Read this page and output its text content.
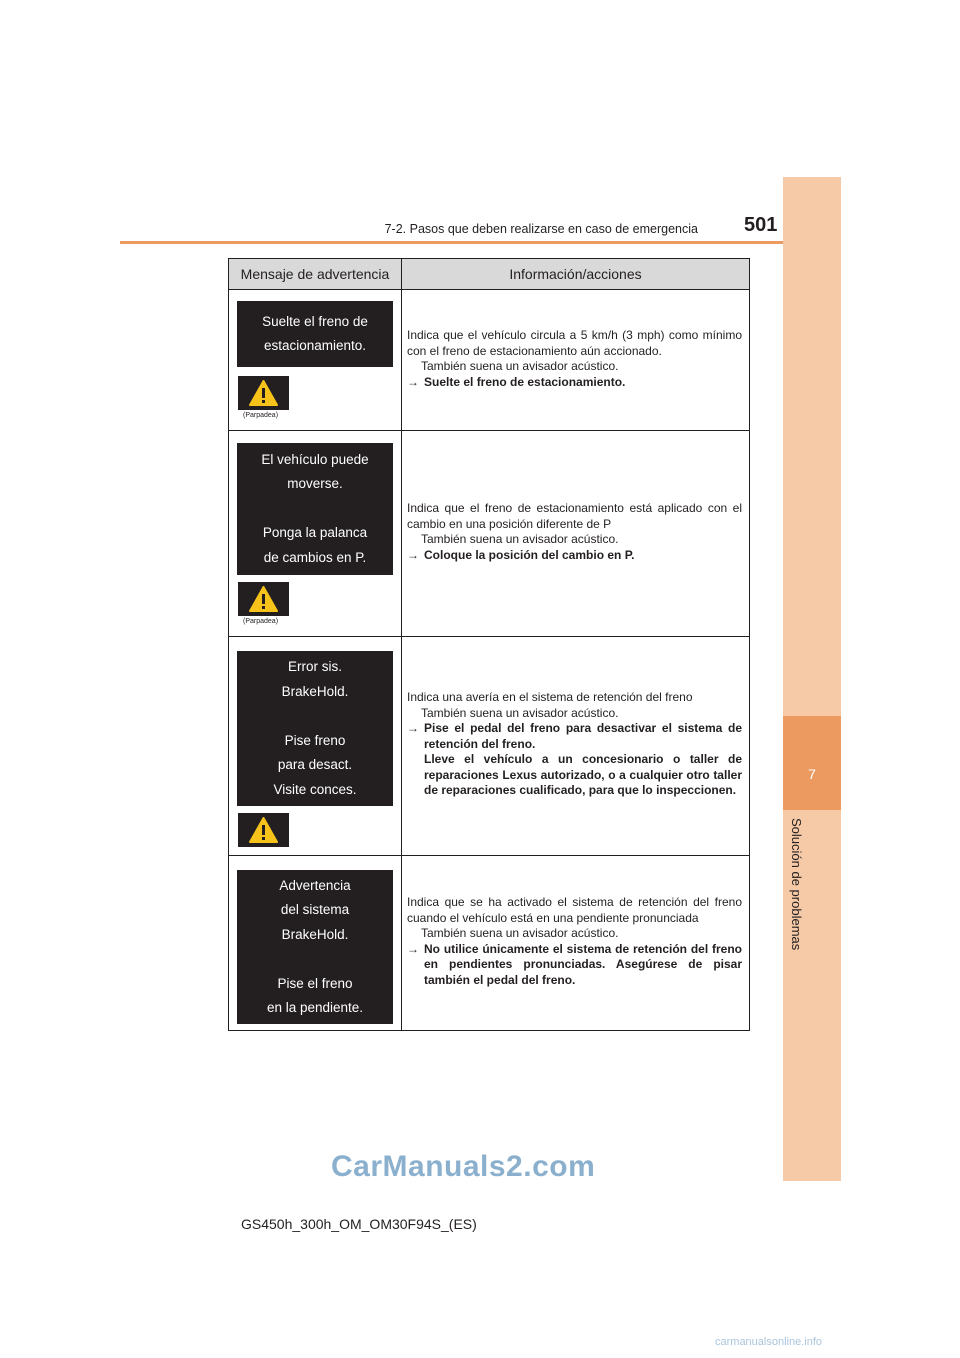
7
Solución de problemas
7-2. Pasos que deben realizarse en caso de emergencia 501
Mensaje de advertencia	Información/acciones
Suelte el freno de
estacionamiento.
(Parpadea)

Indica que el vehículo circula a 5 km/h (3 mph) como mínimo con el freno de estacionamiento aún accionado.

También suena un avisador acústico.

→ Suelte el freno de estacionamiento.

El vehículo puede
moverse.

Ponga la palanca
de cambios en P.
(Parpadea)

Indica que el freno de estacionamiento está aplicado con el cambio en una posición diferente de P

También suena un avisador acústico.

→ Coloque la posición del cambio en P.

Error sis.
BrakeHold.

Pise freno
para desact.
Visite conces.

Indica una avería en el sistema de retención del freno

También suena un avisador acústico.

→ Pise el pedal del freno para desactivar el sistema de retención del freno.

Lleve el vehículo a un concesionario o taller de reparaciones Lexus autorizado, o a cualquier otro taller de reparaciones cualificado, para que lo inspeccionen.

Advertencia
del sistema
BrakeHold.

Pise el freno
en la pendiente.

Indica que se ha activado el sistema de retención del freno cuando el vehículo está en una pendiente pronunciada

También suena un avisador acústico.

→ No utilice únicamente el sistema de retención del freno en pendientes pronunciadas. Asegúrese de pisar también el pedal del freno.

CarManuals2.com
GS450h_300h_OM_OM30F94S_(ES)
carmanualsonline.info
